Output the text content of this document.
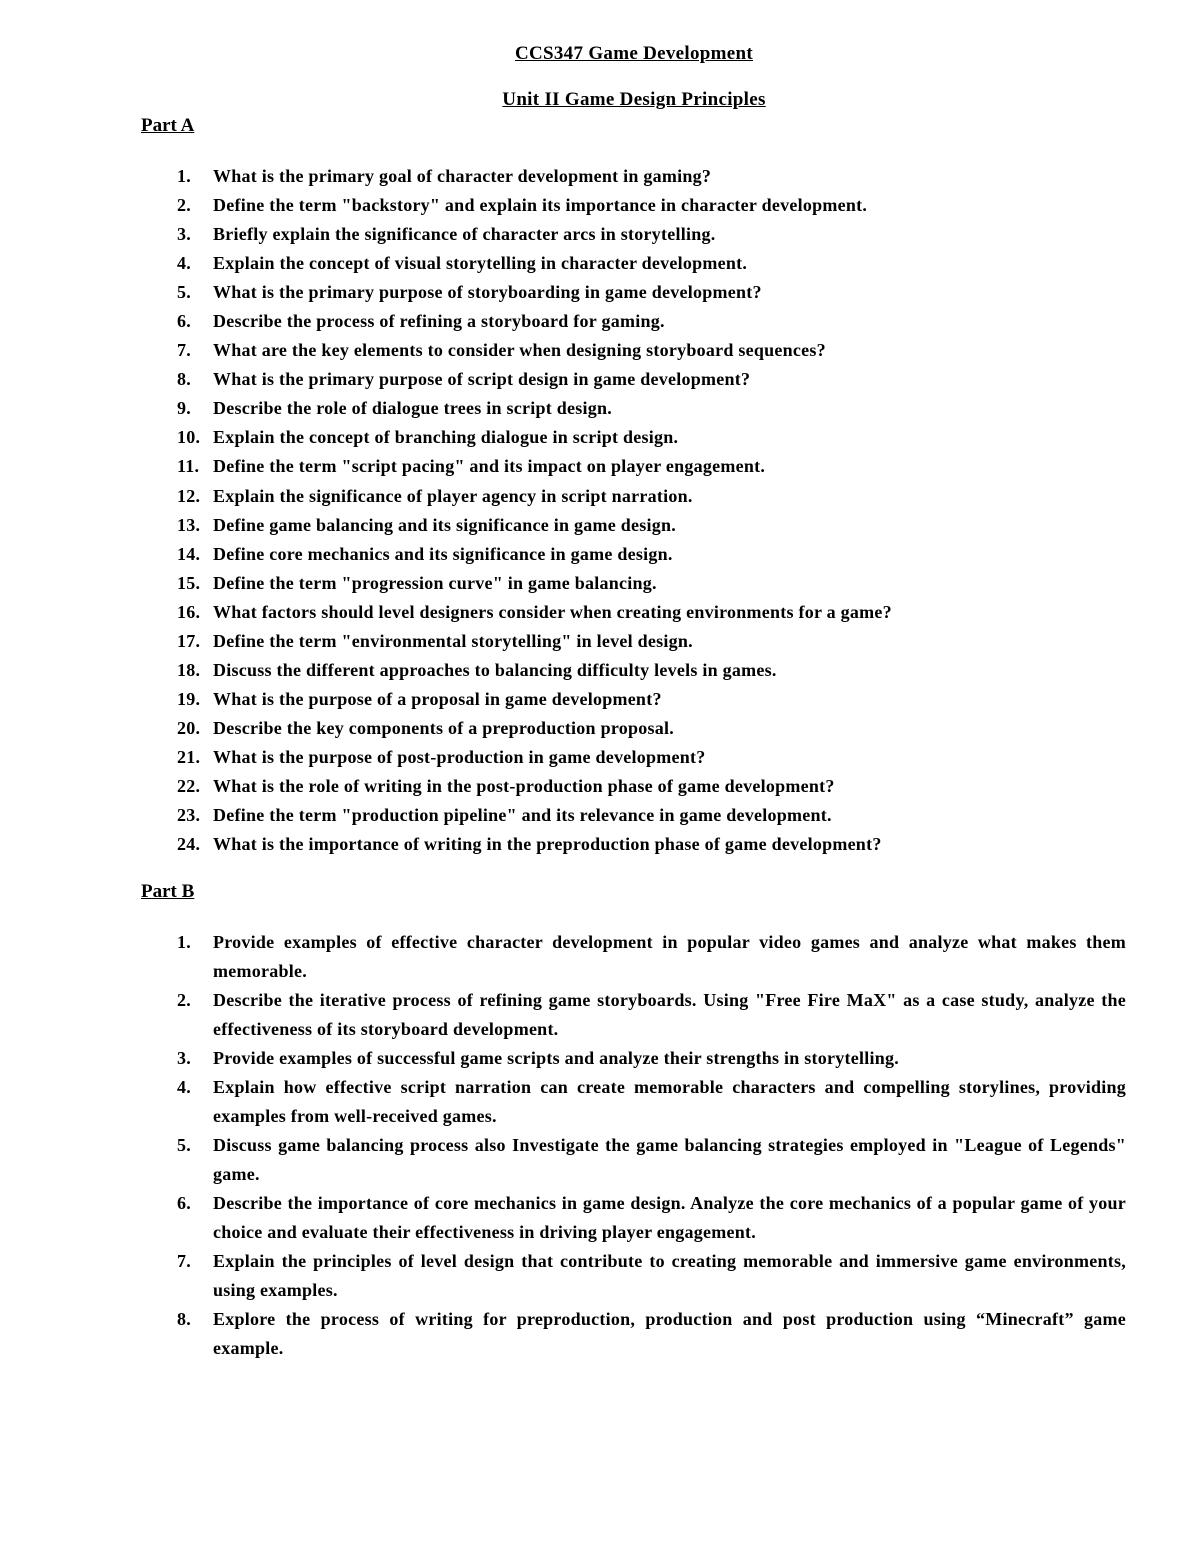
CCS347 Game Development
Unit II Game Design Principles
Part A
1.	What is the primary goal of character development in gaming?
2.	Define the term "backstory" and explain its importance in character development.
3.	Briefly explain the significance of character arcs in storytelling.
4.	Explain the concept of visual storytelling in character development.
5.	What is the primary purpose of storyboarding in game development?
6.	Describe the process of refining a storyboard for gaming.
7.	What are the key elements to consider when designing storyboard sequences?
8.	What is the primary purpose of script design in game development?
9.	Describe the role of dialogue trees in script design.
10. Explain the concept of branching dialogue in script design.
11. Define the term "script pacing" and its impact on player engagement.
12. Explain the significance of player agency in script narration.
13. Define game balancing and its significance in game design.
14. Define core mechanics and its significance in game design.
15. Define the term "progression curve" in game balancing.
16. What factors should level designers consider when creating environments for a game?
17. Define the term "environmental storytelling" in level design.
18. Discuss the different approaches to balancing difficulty levels in games.
19. What is the purpose of a proposal in game development?
20. Describe the key components of a preproduction proposal.
21. What is the purpose of post-production in game development?
22. What is the role of writing in the post-production phase of game development?
23. Define the term "production pipeline" and its relevance in game development.
24. What is the importance of writing in the preproduction phase of game development?
Part B
1.	Provide examples of effective character development in popular video games and analyze what makes them memorable.
2.	Describe the iterative process of refining game storyboards. Using "Free Fire MaX" as a case study, analyze the effectiveness of its storyboard development.
3.	Provide examples of successful game scripts and analyze their strengths in storytelling.
4.	Explain how effective script narration can create memorable characters and compelling storylines, providing examples from well-received games.
5.	Discuss game balancing process also Investigate the game balancing strategies employed in "League of Legends" game.
6.	Describe the importance of core mechanics in game design. Analyze the core mechanics of a popular game of your choice and evaluate their effectiveness in driving player engagement.
7.	Explain the principles of level design that contribute to creating memorable and immersive game environments, using examples.
8.	Explore the process of writing for preproduction, production and post production using “Minecraft” game example.
